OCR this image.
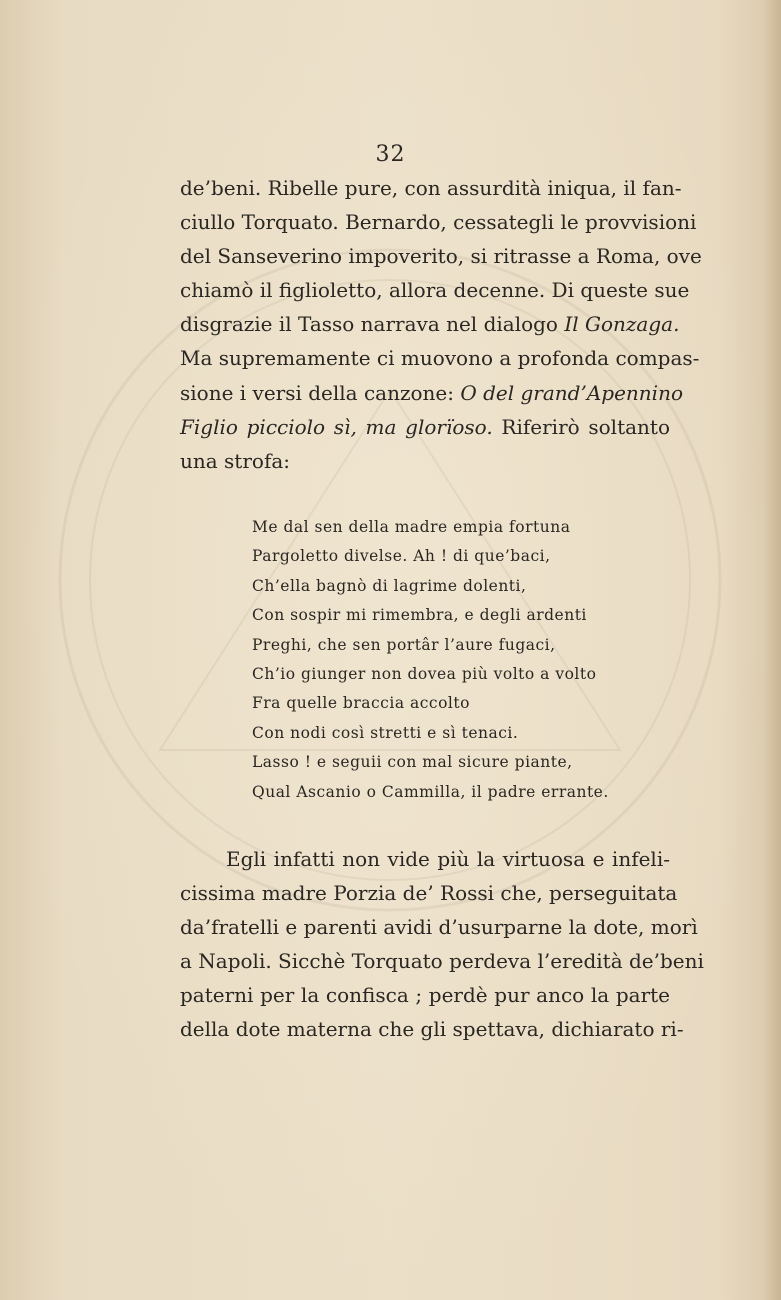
32
de’beni. Ribelle pure, con assurdità iniqua, il fan-
ciullo Torquato. Bernardo, cessategli le provvisioni
del Sanseverino impoverito, si ritrasse a Roma, ove
chiamò il figlioletto, allora decenne. Di queste sue
disgrazie il Tasso narrava nel dialogo Il Gonzaga.
Ma supremamente ci muovono a profonda compas-
sione i versi della canzone: O del grand’Apennino
Figlio picciolo sì, ma glorïoso. Riferirò soltanto
una strofa:
Me dal sen della madre empia fortuna
Pargoletto divelse. Ah ! di que’baci,
Ch’ella bagnò di lagrime dolenti,
Con sospir mi rimembra, e degli ardenti
Preghi, che sen portâr l’aure fugaci,
Ch’io giunger non dovea più volto a volto
Fra quelle braccia accolto
Con nodi così stretti e sì tenaci.
Lasso ! e seguii con mal sicure piante,
Qual Ascanio o Cammilla, il padre errante.
Egli infatti non vide più la virtuosa e infeli-
cissima madre Porzia de’ Rossi che, perseguitata
da’fratelli e parenti avidi d’usurparne la dote, morì
a Napoli. Sicchè Torquato perdeva l’eredità de’beni
paterni per la confisca ; perdè pur anco la parte
della dote materna che gli spettava, dichiarato ri-
